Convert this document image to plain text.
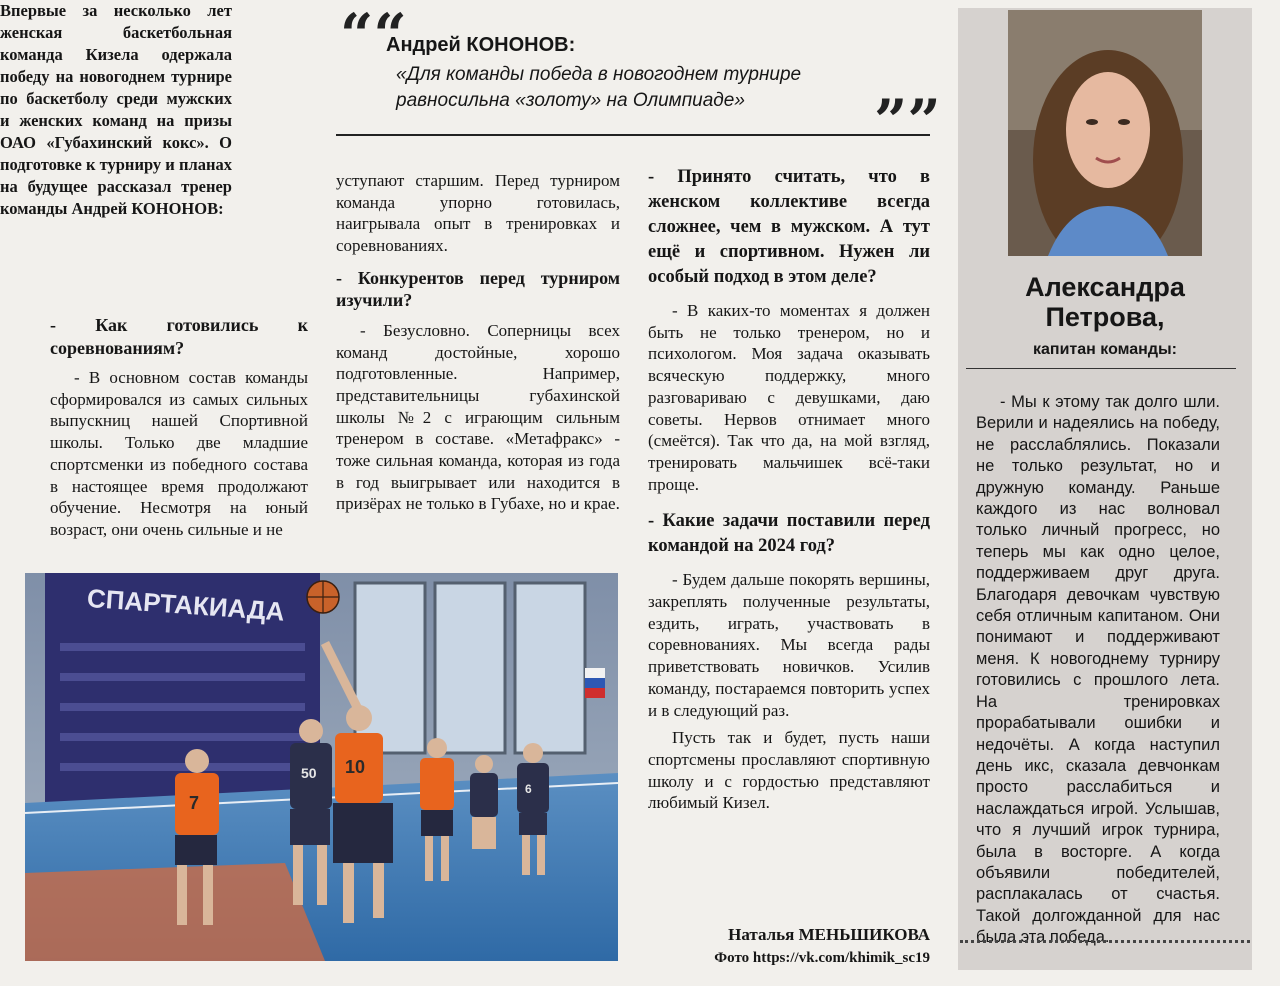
Впервые за несколько лет женская баскетбольная команда Кизела одержала победу на новогоднем турнире по баскетболу среди мужских и женских команд на призы ОАО «Губахинский кокс». О подготовке к турниру и планах на будущее рассказал тренер команды Андрей КОНОНОВ:

- Как готовились к соревнованиям?

- В основном состав команды сформировался из самых сильных выпускниц нашей Спортивной школы. Только две младшие спортсменки из победного состава в настоящее время продолжают обучение. Несмотря на юный возраст, они очень сильные и не

““
Андрей КОНОНОВ:
«Для команды победа в новогоднем турнире равносильна «золоту» на Олимпиаде»	””

уступают старшим. Перед турниром команда упорно готовилась, наигрывала опыт в тренировках и соревнованиях.

- Конкурентов перед турниром изучили?

- Безусловно. Соперницы всех команд достойные, хорошо подготовленные. Например, представительницы губахинской школы №2 с играющим сильным тренером в составе. «Метафракс» - тоже сильная команда, которая из года в год выигрывает или находится в призёрах не только в Губахе, но и крае.

- Принято считать, что в женском коллективе всегда сложнее, чем в мужском. А тут ещё и спортивном. Нужен ли особый подход в этом деле?

- В каких-то моментах я должен быть не только тренером, но и психологом. Моя задача оказывать всяческую поддержку, много разговариваю с девушками, даю советы. Нервов отнимает много (смеётся). Так что да, на мой взгляд, тренировать мальчишек всё-таки проще.

- Какие задачи поставили перед командой на 2024 год?

- Будем дальше покорять вершины, закреплять полученные результаты, ездить, играть, участвовать в соревнованиях. Мы всегда рады приветствовать новичков. Усилив команду, постараемся повторить успех и в следующий раз.

Пусть так и будет, пусть наши спортсмены прославляют спортивную школу и с гордостью представляют любимый Кизел.

Наталья МЕНЬШИКОВА
Фото https://vk.com/khimik_sc19
СПАРТАКИАДА
7
10
50
6
Александра
Петрова,
капитан команды:

- Мы к этому так долго шли. Верили и надеялись на победу, не расслаблялись. Показали не только результат, но и дружную команду. Раньше каждого из нас волновал только личный прогресс, но теперь мы как одно целое, поддерживаем друг друга. Благодаря девочкам чувствую себя отличным капитаном. Они понимают и поддерживают меня. К новогоднему турниру готовились с прошлого лета. На тренировках прорабатывали ошибки и недочёты. А когда наступил день икс, сказала девчонкам просто расслабиться и наслаждаться игрой. Услышав, что я лучший игрок турнира, была в восторге. А когда объявили победителей, расплакалась от счастья. Такой долгожданной для нас была эта победа.
